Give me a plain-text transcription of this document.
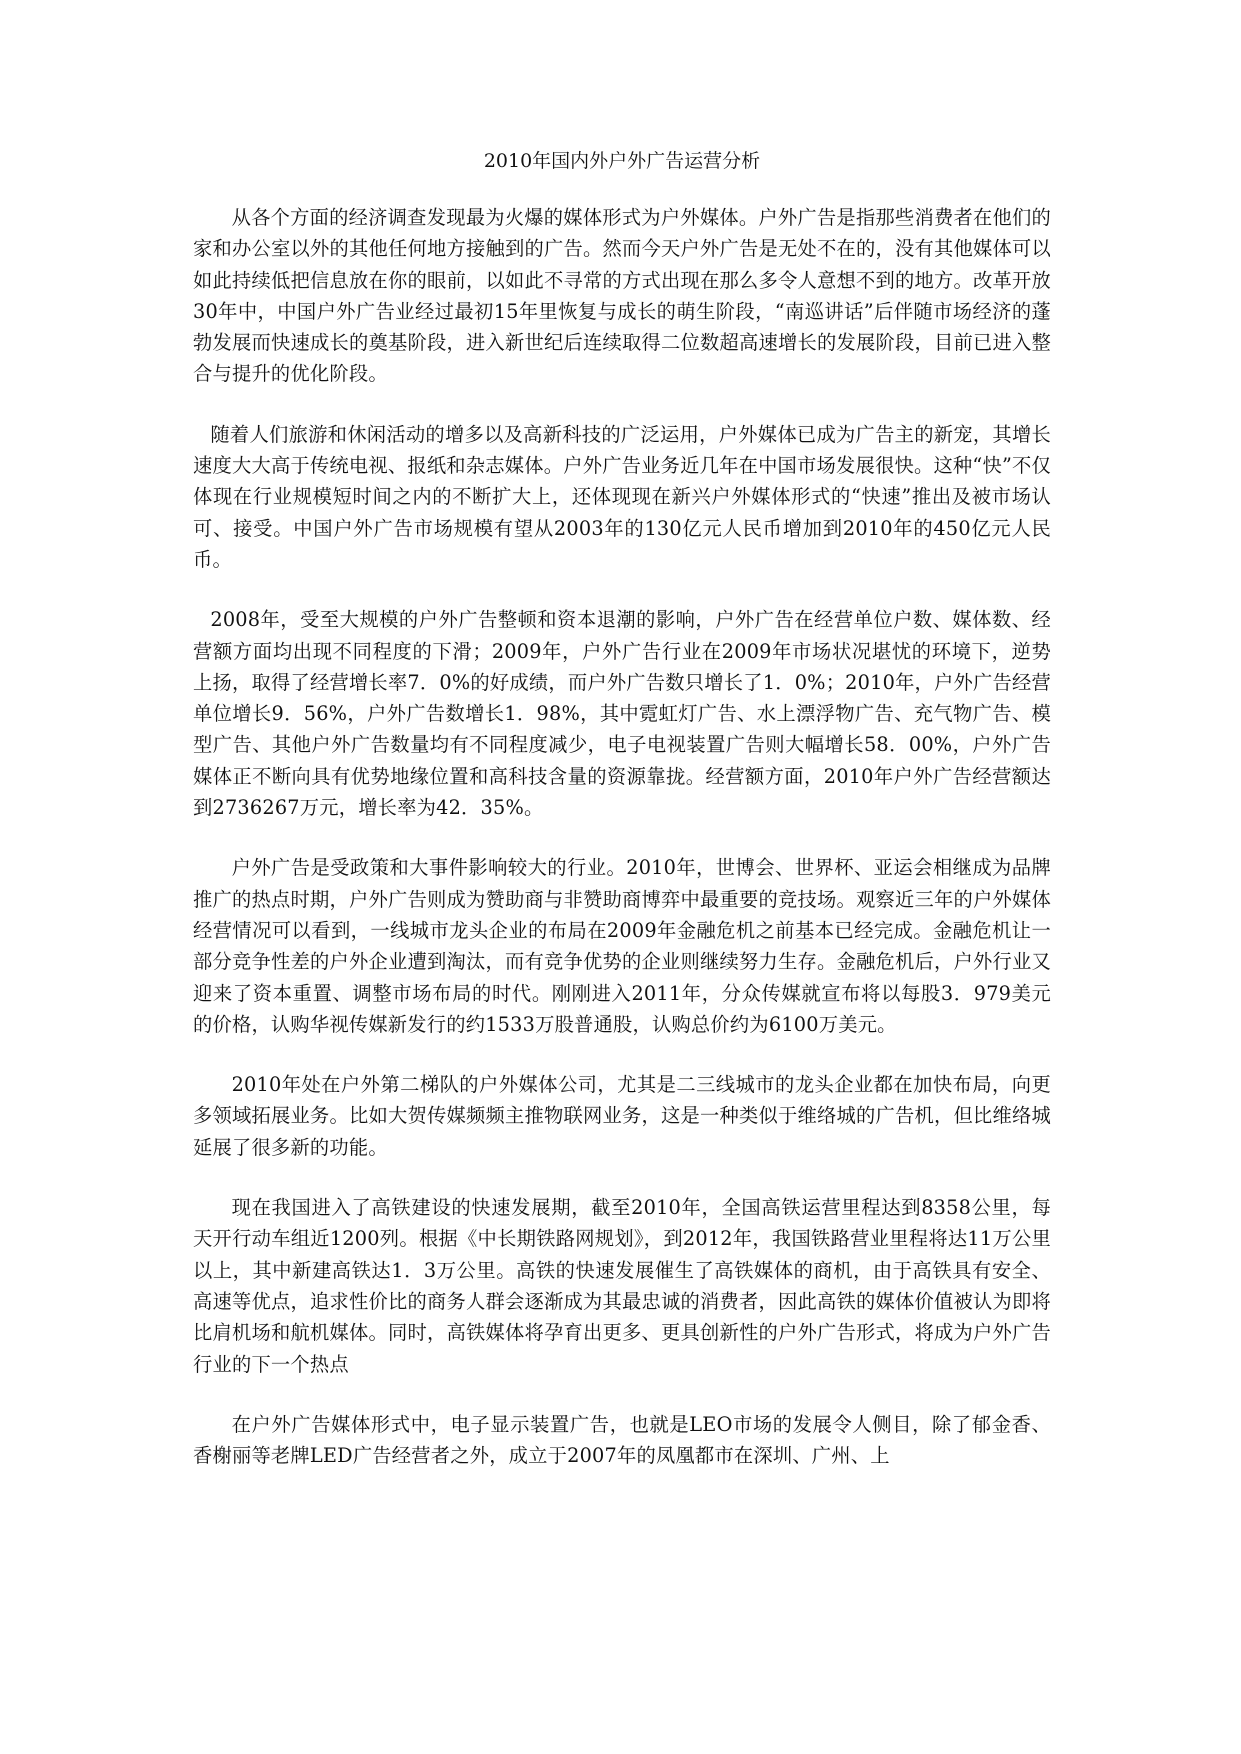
2010年国内外户外广告运营分析

从各个方面的经济调查发现最为火爆的媒体形式为户外媒体。户外广告是指那些消费者在他们的家和办公室以外的其他任何地方接触到的广告。然而今天户外广告是无处不在的，没有其他媒体可以如此持续低把信息放在你的眼前，以如此不寻常的方式出现在那么多令人意想不到的地方。改革开放30年中，中国户外广告业经过最初15年里恢复与成长的萌生阶段，“南巡讲话”后伴随市场经济的蓬勃发展而快速成长的奠基阶段，进入新世纪后连续取得二位数超高速增长的发展阶段，目前已进入整合与提升的优化阶段。

随着人们旅游和休闲活动的增多以及高新科技的广泛运用，户外媒体已成为广告主的新宠，其增长速度大大高于传统电视、报纸和杂志媒体。户外广告业务近几年在中国市场发展很快。这种“快”不仅体现在行业规模短时间之内的不断扩大上，还体现现在新兴户外媒体形式的“快速”推出及被市场认可、接受。中国户外广告市场规模有望从2003年的130亿元人民币增加到2010年的450亿元人民币。

2008年，受至大规模的户外广告整顿和资本退潮的影响，户外广告在经营单位户数、媒体数、经营额方面均出现不同程度的下滑；2009年，户外广告行业在2009年市场状况堪忧的环境下，逆势上扬，取得了经营增长率7．0%的好成绩，而户外广告数只增长了1．0%；2010年，户外广告经营单位增长9．56%，户外广告数增长1．98%，其中霓虹灯广告、水上漂浮物广告、充气物广告、模型广告、其他户外广告数量均有不同程度减少，电子电视装置广告则大幅增长58．00%，户外广告媒体正不断向具有优势地缘位置和高科技含量的资源靠拢。经营额方面，2010年户外广告经营额达到2736267万元，增长率为42．35%。

户外广告是受政策和大事件影响较大的行业。2010年，世博会、世界杯、亚运会相继成为品牌推广的热点时期，户外广告则成为赞助商与非赞助商博弈中最重要的竞技场。观察近三年的户外媒体经营情况可以看到，一线城市龙头企业的布局在2009年金融危机之前基本已经完成。金融危机让一部分竞争性差的户外企业遭到淘汰，而有竞争优势的企业则继续努力生存。金融危机后，户外行业又迎来了资本重置、调整市场布局的时代。刚刚进入2011年，分众传媒就宣布将以每股3．979美元的价格，认购华视传媒新发行的约1533万股普通股，认购总价约为6100万美元。

2010年处在户外第二梯队的户外媒体公司，尤其是二三线城市的龙头企业都在加快布局，向更多领域拓展业务。比如大贺传媒频频主推物联网业务，这是一种类似于维络城的广告机，但比维络城延展了很多新的功能。

现在我国进入了高铁建设的快速发展期，截至2010年，全国高铁运营里程达到8358公里，每天开行动车组近1200列。根据《中长期铁路网规划》，到2012年，我国铁路营业里程将达11万公里以上，其中新建高铁达1．3万公里。高铁的快速发展催生了高铁媒体的商机，由于高铁具有安全、高速等优点，追求性价比的商务人群会逐渐成为其最忠诚的消费者，因此高铁的媒体价值被认为即将比肩机场和航机媒体。同时，高铁媒体将孕育出更多、更具创新性的户外广告形式，将成为户外广告行业的下一个热点

在户外广告媒体形式中，电子显示装置广告，也就是LEO市场的发展令人侧目，除了郁金香、香榭丽等老牌LED广告经营者之外，成立于2007年的凤凰都市在深圳、广州、上
